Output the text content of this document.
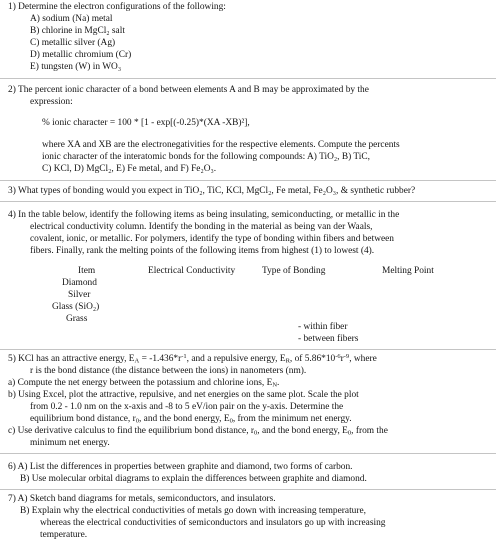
1) Determine the electron configurations of the following:
A) sodium (Na) metal
B) chlorine in MgCl₂ salt
C) metallic silver (Ag)
D) metallic chromium (Cr)
E) tungsten (W) in WO₃
2) The percent ionic character of a bond between elements A and B may be approximated by the
expression:
% ionic character = 100 * [1 - exp[(-0.25)*(XA -XB)²],
where XA and XB are the electronegativities for the respective elements. Compute the percents
ionic character of the interatomic bonds for the following compounds: A) TiO₂, B) TiC,
C) KCl, D) MgCl₂, E) Fe metal, and F) Fe₂O₃.
3) What types of bonding would you expect in TiO₂, TiC, KCl, MgCl₂, Fe metal, Fe₂O₃, & synthetic rubber?
4) In the table below, identify the following items as being insulating, semiconducting, or metallic in the
electrical conductivity column. Identify the bonding in the material as being van der Waals,
covalent, ionic, or metallic. For polymers, identify the type of bonding within fibers and between
fibers. Finally, rank the melting points of the following items from highest (1) to lowest (4).
Item	Electrical Conductivity	Type of Bonding	Melting Point
Diamond
Silver
Glass (SiO₂)
Grass
- within fiber
- between fibers
5) KCl has an attractive energy, $E_A = -1.436*r^{-1}$, and a repulsive energy, $E_R$, of $5.86*10^{-6}r^{-9}$, where
r is the bond distance (the distance between the ions) in nanometers (nm).
a) Compute the net energy between the potassium and chlorine ions, $E_N$.
b) Using Excel, plot the attractive, repulsive, and net energies on the same plot. Scale the plot
from 0.2 - 1.0 nm on the x-axis and -8 to 5 eV/ion pair on the y-axis. Determine the
equilibrium bond distance, $r_0$, and the bond energy, $E_0$, from the minimum net energy.
c) Use derivative calculus to find the equilibrium bond distance, $r_0$, and the bond energy, $E_0$, from the
minimum net energy.
6) A) List the differences in properties between graphite and diamond, two forms of carbon.
B) Use molecular orbital diagrams to explain the differences between graphite and diamond.
7) A) Sketch band diagrams for metals, semiconductors, and insulators.
B) Explain why the electrical conductivities of metals go down with increasing temperature,
whereas the electrical conductivities of semiconductors and insulators go up with increasing
temperature.
